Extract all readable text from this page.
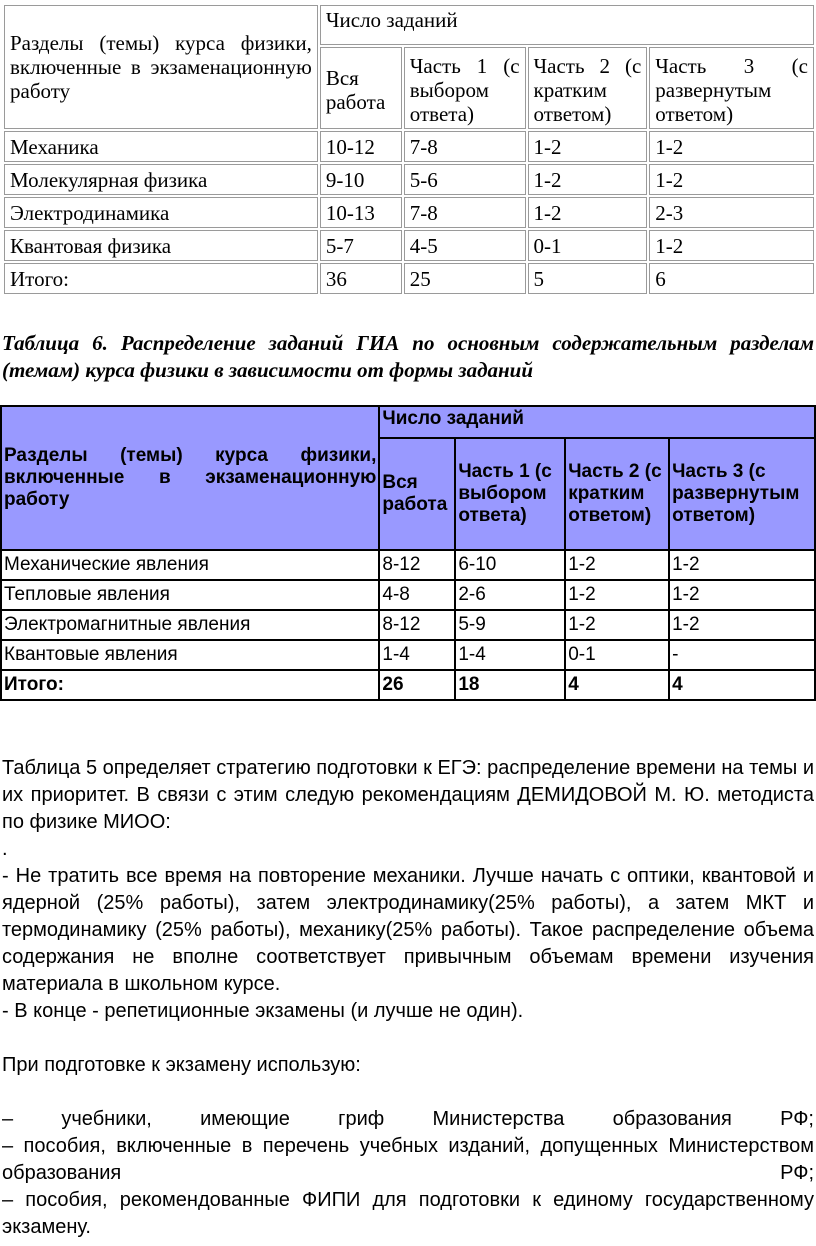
Разделы (темы) курса физики, включенные в экзаменационную работу	Число заданий			
	Вся работа	Часть 1 (с выбором ответа)	Часть 2 (с кратким ответом)	Часть 3 (с развернутым ответом)
Механика	10-12	7-8	1-2	1-2
Молекулярная физика	9-10	5-6	1-2	1-2
Электродинамика	10-13	7-8	1-2	2-3
Квантовая физика	5-7	4-5	0-1	1-2
Итого:	36	25	5	6

Таблица 6. Распределение заданий ГИА по основным содержательным разделам (темам) курса физики в зависимости от формы заданий

Разделы (темы) курса физики, включенные в экзаменационную работу	Число заданий			
	Вся работа	Часть 1 (с выбором ответа)	Часть 2 (с кратким ответом)	Часть 3 (с развернутым ответом)
Механические явления	8-12	6-10	1-2	1-2
Тепловые явления	4-8	2-6	1-2	1-2
Электромагнитные явления	8-12	5-9	1-2	1-2
Квантовые явления	1-4	1-4	0-1	-
Итого:	26	18	4	4

Таблица 5 определяет стратегию подготовки к ЕГЭ: распределение времени на темы и их приоритет. В связи с этим следую рекомендациям ДЕМИДОВОЙ М. Ю. методиста по физике МИОО:

.

- Не тратить все время на повторение механики. Лучше начать с оптики, квантовой и ядерной (25% работы), затем электродинамику(25% работы), а затем МКТ и термодинамику (25% работы), механику(25% работы). Такое распределение объема содержания не вполне соответствует привычным объемам времени изучения материала в школьном курсе.

- В конце - репетиционные экзамены (и лучше не один).

При подготовке к экзамену использую:

– учебники, имеющие гриф Министерства образования РФ;

– пособия, включенные в перечень учебных изданий, допущенных Министерством образования РФ;

– пособия, рекомендованные ФИПИ для подготовки к единому государственному экзамену.
